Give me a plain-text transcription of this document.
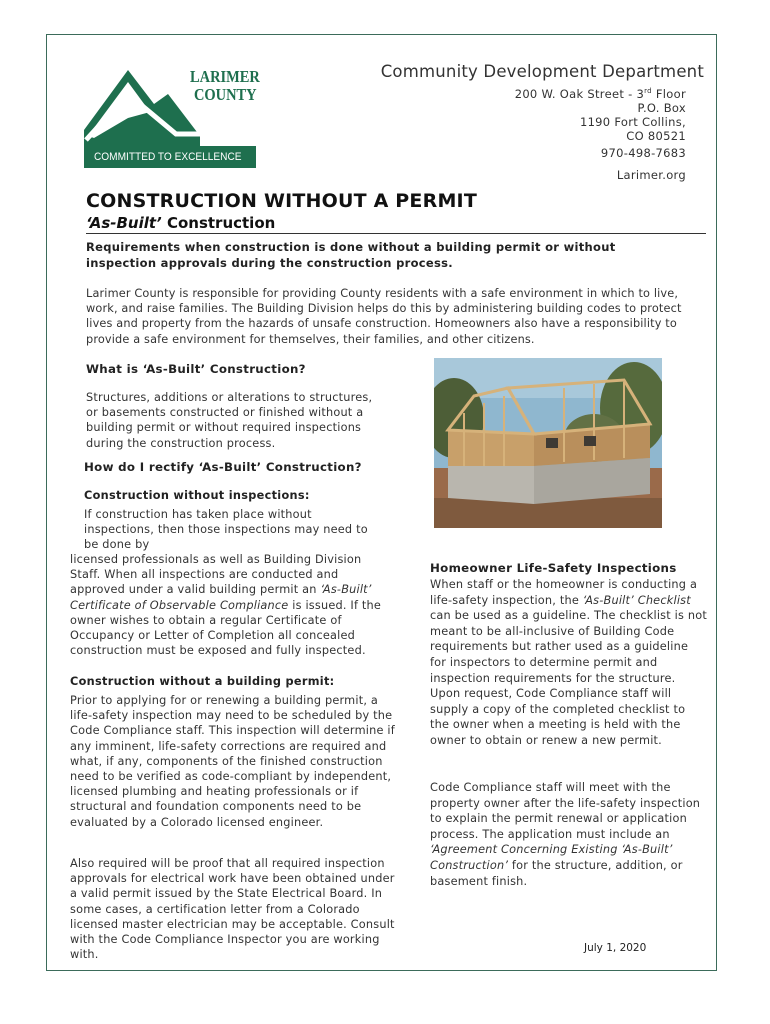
LARIMER
COUNTY
COMMITTED TO EXCELLENCE
Community Development Department
200 W. Oak Street - 3rd Floor
P.O. Box
1190 Fort Collins,
CO 80521
970-498-7683
Larimer.org
CONSTRUCTION WITHOUT A PERMIT
‘As-Built’ Construction
Requirements when construction is done without a building permit or without inspection approvals during the construction process.
Larimer County is responsible for providing County residents with a safe environment in which to live, work, and raise families. The Building Division helps do this by administering building codes to protect lives and property from the hazards of unsafe construction. Homeowners also have a responsibility to provide a safe environment for themselves, their families, and other citizens.
What is ‘As-Built’ Construction?
Structures, additions or alterations to structures, or basements constructed or finished without a building permit or without required inspections during the construction process.
How do I rectify ‘As-Built’ Construction?
Construction without inspections:
If construction has taken place without inspections, then those inspections may need to be done by
licensed professionals as well as Building Division Staff. When all inspections are conducted and approved under a valid building permit an ‘As-Built’ Certificate of Observable Compliance is issued. If the owner wishes to obtain a regular Certificate of Occupancy or Letter of Completion all concealed construction must be exposed and fully inspected.
Construction without a building permit:
Prior to applying for or renewing a building permit, a life-safety inspection may need to be scheduled by the Code Compliance staff. This inspection will determine if any imminent, life-safety corrections are required and what, if any, components of the finished construction need to be verified as code-compliant by independent, licensed plumbing and heating professionals or if structural and foundation components need to be evaluated by a Colorado licensed engineer.
Also required will be proof that all required inspection approvals for electrical work have been obtained under a valid permit issued by the State Electrical Board. In some cases, a certification letter from a Colorado licensed master electrician may be acceptable. Consult with the Code Compliance Inspector you are working with.
Homeowner Life-Safety Inspections
When staff or the homeowner is conducting a life-safety inspection, the ‘As-Built’ Checklist can be used as a guideline. The checklist is not meant to be all-inclusive of Building Code requirements but rather used as a guideline for inspectors to determine permit and inspection requirements for the structure. Upon request, Code Compliance staff will supply a copy of the completed checklist to the owner when a meeting is held with the owner to obtain or renew a new permit.
Code Compliance staff will meet with the property owner after the life-safety inspection to explain the permit renewal or application process. The application must include an ‘Agreement Concerning Existing ‘As-Built’ Construction’ for the structure, addition, or basement finish.
July 1, 2020
